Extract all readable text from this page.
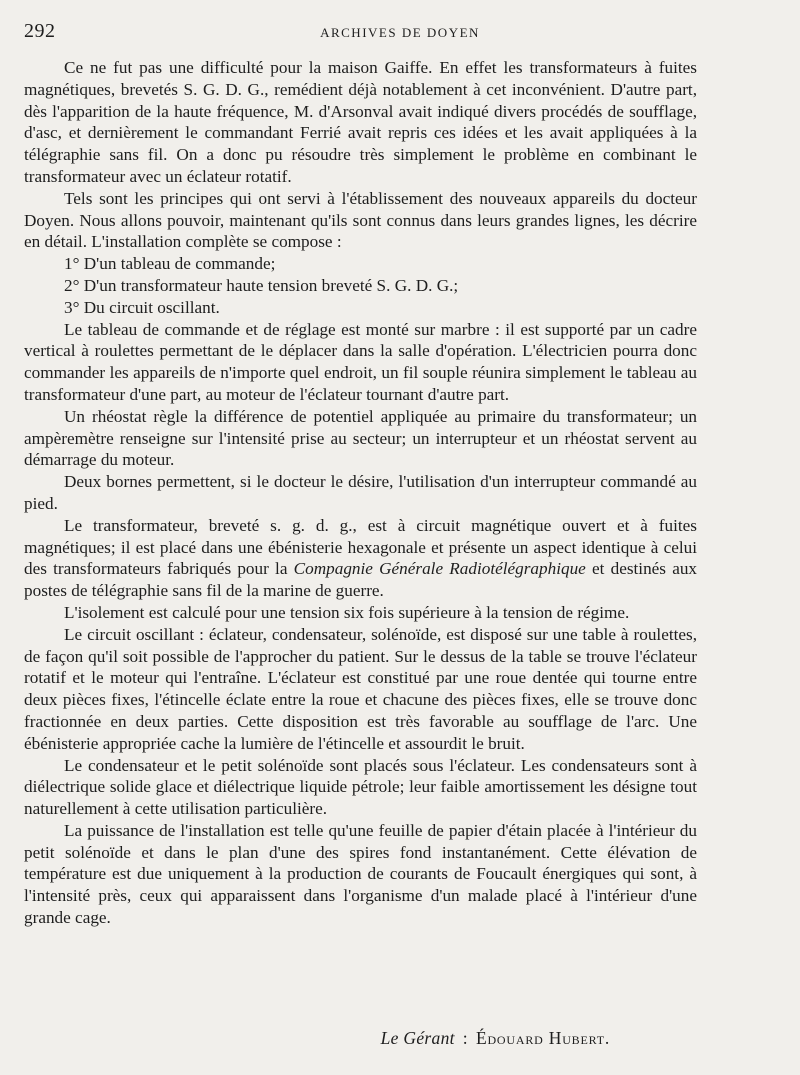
292	ARCHIVES DE DOYEN

Ce ne fut pas une difficulté pour la maison Gaiffe. En effet les transformateurs à fuites magnétiques, brevetés S. G. D. G., remédient déjà notablement à cet inconvénient. D'autre part, dès l'apparition de la haute fréquence, M. d'Arsonval avait indiqué divers procédés de soufflage, d'asc, et dernièrement le commandant Ferrié avait repris ces idées et les avait appliquées à la télégraphie sans fil. On a donc pu résoudre très simplement le problème en combinant le transformateur avec un éclateur rotatif.

Tels sont les principes qui ont servi à l'établissement des nouveaux appareils du docteur Doyen. Nous allons pouvoir, maintenant qu'ils sont connus dans leurs grandes lignes, les décrire en détail. L'installation complète se compose :

1° D'un tableau de commande;

2° D'un transformateur haute tension breveté S. G. D. G.;

3° Du circuit oscillant.

Le tableau de commande et de réglage est monté sur marbre : il est supporté par un cadre vertical à roulettes permettant de le déplacer dans la salle d'opération. L'électricien pourra donc commander les appareils de n'importe quel endroit, un fil souple réunira simplement le tableau au transformateur d'une part, au moteur de l'éclateur tournant d'autre part.

Un rhéostat règle la différence de potentiel appliquée au primaire du transformateur; un ampèremètre renseigne sur l'intensité prise au secteur; un interrupteur et un rhéostat servent au démarrage du moteur.

Deux bornes permettent, si le docteur le désire, l'utilisation d'un interrupteur commandé au pied.

Le transformateur, breveté s. g. d. g., est à circuit magnétique ouvert et à fuites magnétiques; il est placé dans une ébénisterie hexagonale et présente un aspect identique à celui des transformateurs fabriqués pour la Compagnie Générale Radiotélégraphique et destinés aux postes de télégraphie sans fil de la marine de guerre.

L'isolement est calculé pour une tension six fois supérieure à la tension de régime.

Le circuit oscillant : éclateur, condensateur, solénoïde, est disposé sur une table à roulettes, de façon qu'il soit possible de l'approcher du patient. Sur le dessus de la table se trouve l'éclateur rotatif et le moteur qui l'entraîne. L'éclateur est constitué par une roue dentée qui tourne entre deux pièces fixes, l'étincelle éclate entre la roue et chacune des pièces fixes, elle se trouve donc fractionnée en deux parties. Cette disposition est très favorable au soufflage de l'arc. Une ébénisterie appropriée cache la lumière de l'étincelle et assourdit le bruit.

Le condensateur et le petit solénoïde sont placés sous l'éclateur. Les condensateurs sont à diélectrique solide glace et diélectrique liquide pétrole; leur faible amortissement les désigne tout naturellement à cette utilisation particulière.

La puissance de l'installation est telle qu'une feuille de papier d'étain placée à l'intérieur du petit solénoïde et dans le plan d'une des spires fond instantanément. Cette élévation de température est due uniquement à la production de courants de Foucault énergiques qui sont, à l'intensité près, ceux qui apparaissent dans l'organisme d'un malade placé à l'intérieur d'une grande cage.

Le Gérant : Édouard Hubert.
